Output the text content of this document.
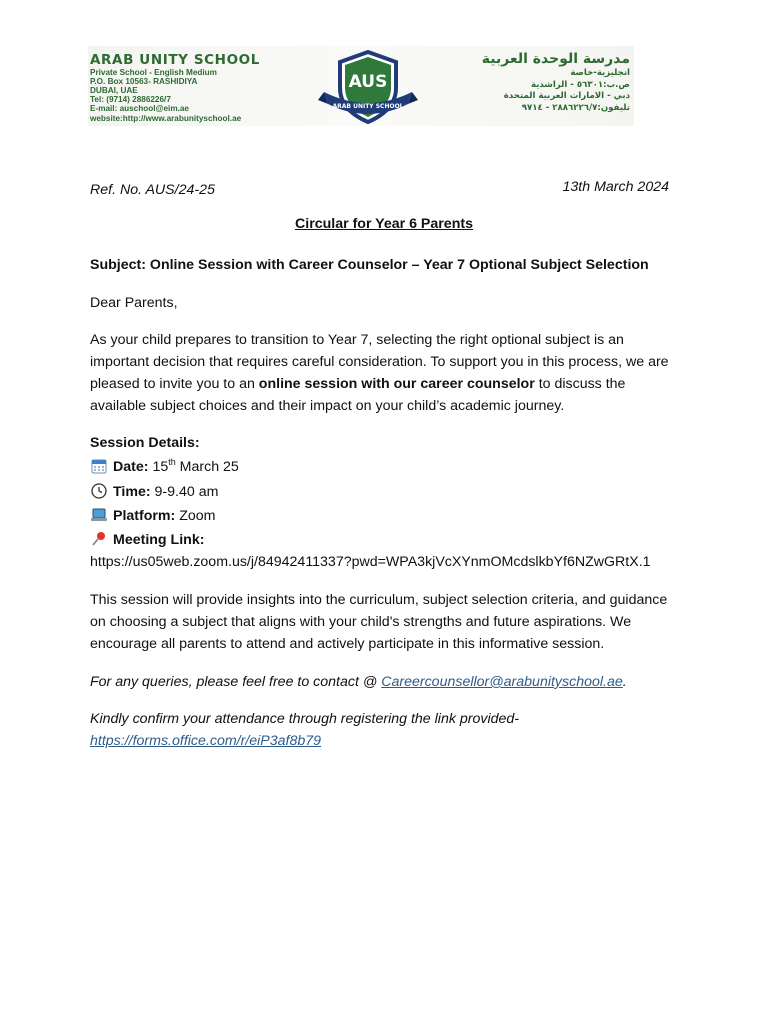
ARAB UNITY SCHOOL
Private School - English Medium
P.O. Box 10563- RASHIDIYA
DUBAI, UAE
Tel: (9714) 2886226/7
E-mail: auschool@eim.ae
website:http://www.arabunityschool.ae
AUS
ARAB UNITY SCHOOL
مدرسة الوحدة العربية
انجليزية-خاصة
ص.ب:٥٦٣٠١ - الراشدية
دبي - الامارات العربية المتحدة
تليفون:٢٨٨٦٢٢٦/٧ - ٩٧١٤
Ref. No. AUS/24-25	13th March 2024
Circular for Year 6 Parents
Subject: Online Session with Career Counselor – Year 7 Optional Subject Selection
Dear Parents,
As your child prepares to transition to Year 7, selecting the right optional subject is an important decision that requires careful consideration. To support you in this process, we are pleased to invite you to an online session with our career counselor to discuss the available subject choices and their impact on your child’s academic journey.
Session Details:
Date: 15th March 25
Time: 9-9.40 am
Platform: Zoom
Meeting Link:
https://us05web.zoom.us/j/84942411337?pwd=WPA3kjVcXYnmOMcdslkbYf6NZwGRtX.1
This session will provide insights into the curriculum, subject selection criteria, and guidance on choosing a subject that aligns with your child's strengths and future aspirations. We encourage all parents to attend and actively participate in this informative session.
For any queries, please feel free to contact @ Careercounsellor@arabunityschool.ae.
Kindly confirm your attendance through registering the link provided-
https://forms.office.com/r/eiP3af8b79
